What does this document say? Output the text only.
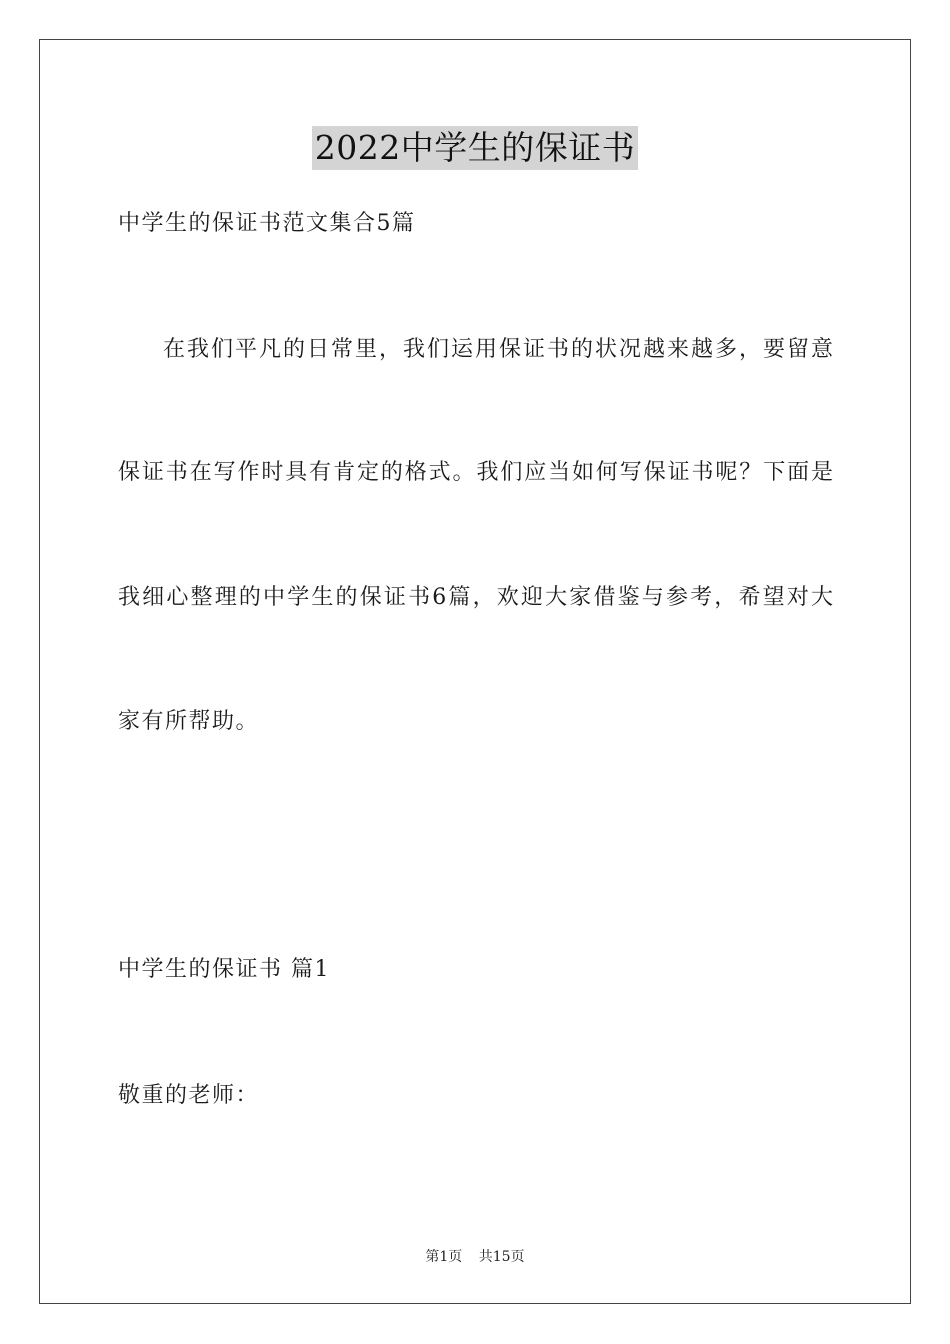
2022中学生的保证书
中学生的保证书范文集合5篇
在我们平凡的日常里，我们运用保证书的状况越来越多，要留意
保证书在写作时具有肯定的格式。我们应当如何写保证书呢？下面是
我细心整理的中学生的保证书6篇，欢迎大家借鉴与参考，希望对大
家有所帮助。
中学生的保证书 篇1
敬重的老师：
第1页 共15页
